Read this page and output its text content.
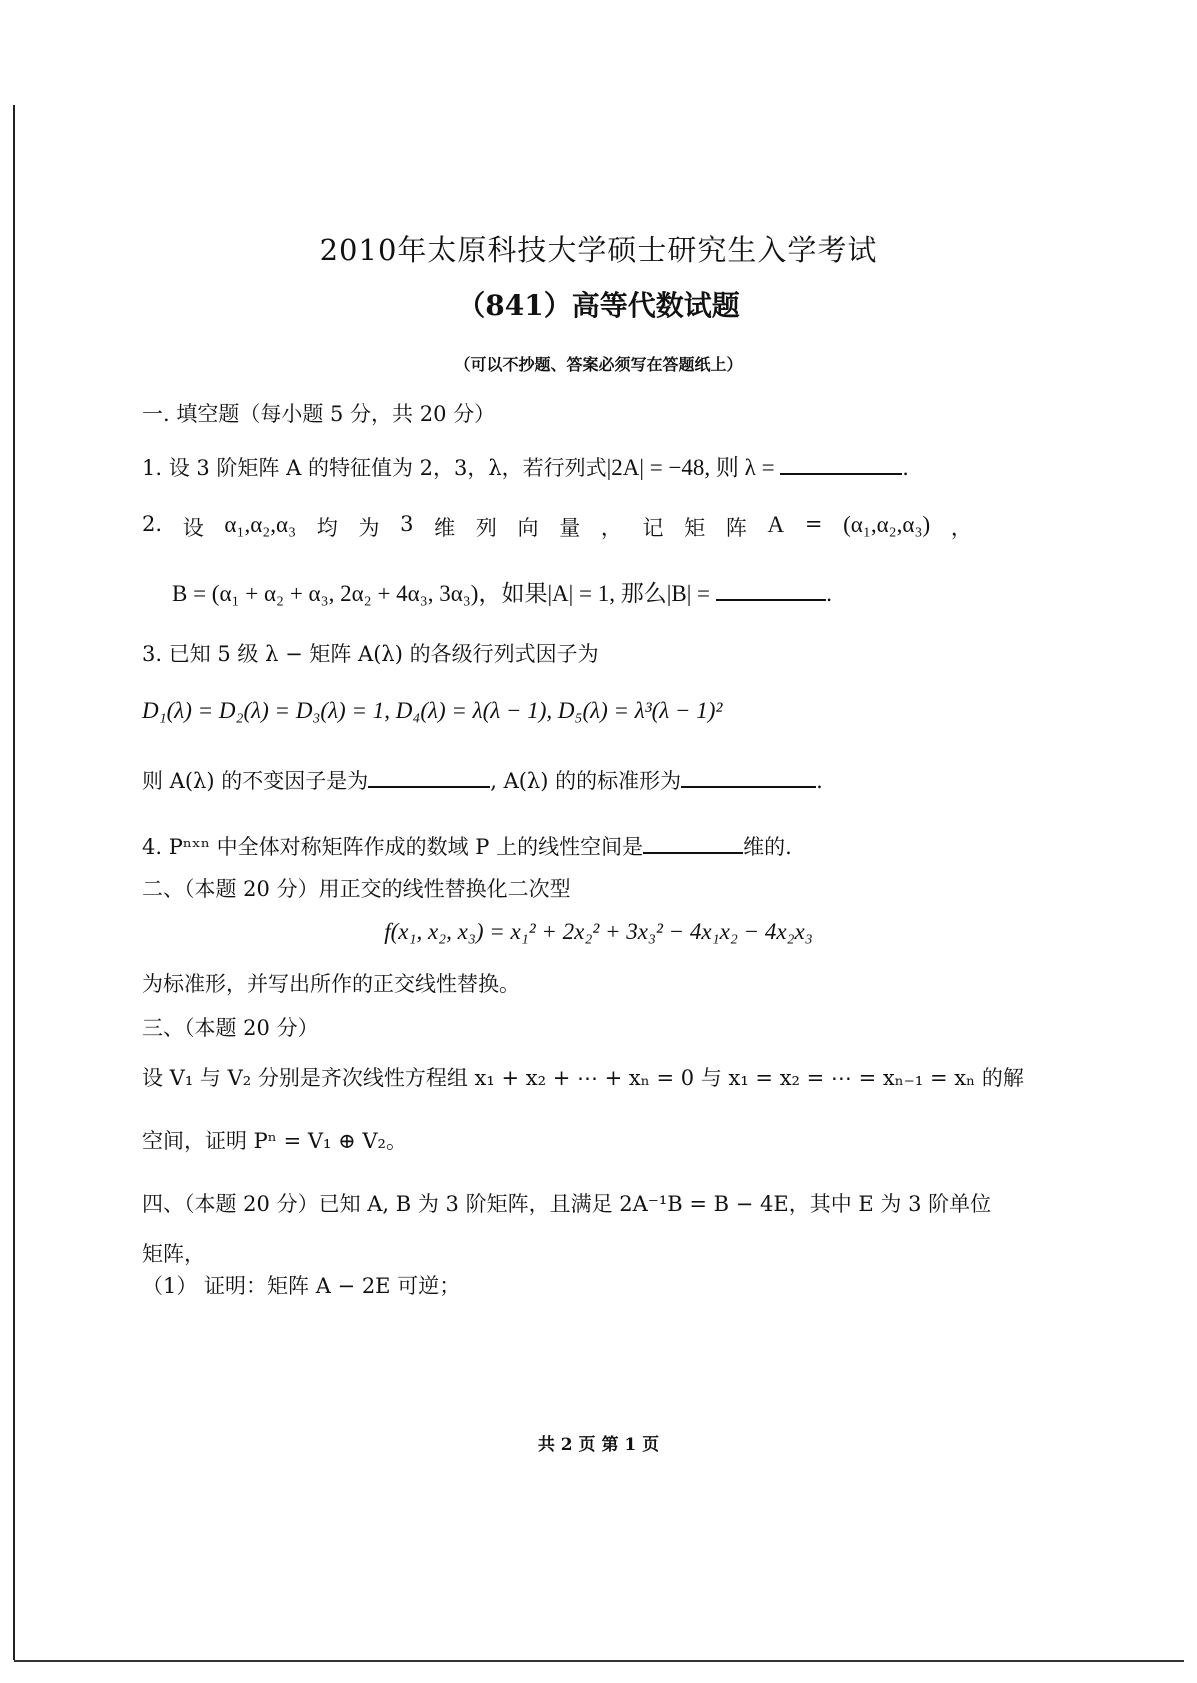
2010年太原科技大学硕士研究生入学考试
（841）高等代数试题
（可以不抄题、答案必须写在答题纸上）
一. 填空题（每小题 5 分，共 20 分）
1. 设 3 阶矩阵 A 的特征值为 2，3，λ，若行列式|2A| = −48, 则 λ =	.
2. 设 α₁,α₂,α₃ 均 为 3 维 列 向 量 ， 记 矩 阵 A = (α₁,α₂,α₃) ，
B = (α₁ + α₂ + α₃, 2α₂ + 4α₃, 3α₃)，如果|A| = 1, 那么|B| =	.
3. 已知 5 级 λ − 矩阵 A(λ) 的各级行列式因子为
D₁(λ) = D₂(λ) = D₃(λ) = 1, D₄(λ) = λ(λ − 1), D₅(λ) = λ³(λ − 1)²
则 A(λ) 的不变因子是为	, A(λ) 的的标准形为	.
4. Pⁿˣⁿ 中全体对称矩阵作成的数域 P 上的线性空间是	维的.
二、（本题 20 分）用正交的线性替换化二次型
f(x₁, x₂, x₃) = x₁² + 2x₂² + 3x₃² − 4x₁x₂ − 4x₂x₃
为标准形，并写出所作的正交线性替换。
三、（本题 20 分）
设 V₁ 与 V₂ 分别是齐次线性方程组 x₁ + x₂ + ⋯ + xₙ = 0 与 x₁ = x₂ = ⋯ = xₙ₋₁ = xₙ 的解
空间，证明 Pⁿ = V₁ ⊕ V₂。
四、（本题 20 分）已知 A, B 为 3 阶矩阵，且满足 2A⁻¹B = B − 4E，其中 E 为 3 阶单位
矩阵，
（1） 证明：矩阵 A − 2E 可逆；
共 2 页 第 1 页
